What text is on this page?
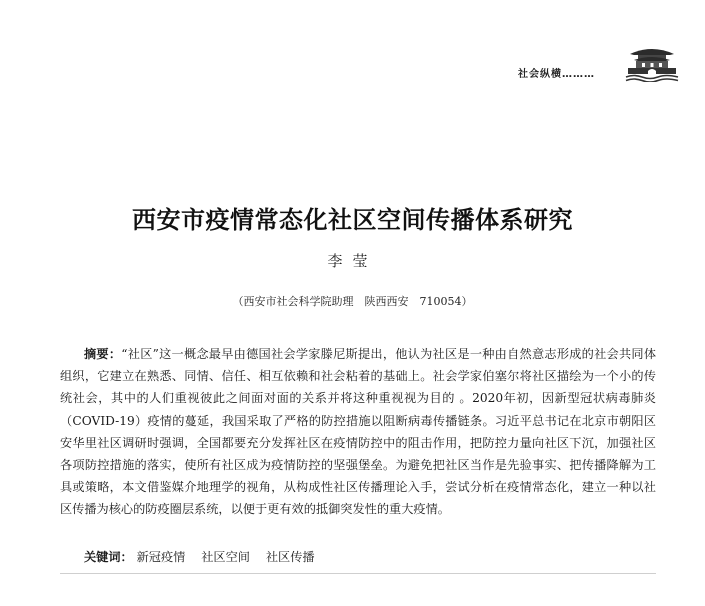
社会纵横………
西安市疫情常态化社区空间传播体系研究
李莹
（西安市社会科学院助理　陕西西安　710054）
摘要：“社区”这一概念最早由德国社会学家滕尼斯提出，他认为社区是一种由自然意志形成的社会共同体组织，它建立在熟悉、同情、信任、相互依赖和社会粘着的基础上。社会学家伯塞尔将社区描绘为一个小的传统社会，其中的人们重视彼此之间面对面的关系并将这种重视视为目的 。2020年初，因新型冠状病毒肺炎（COVID-19）疫情的蔓延，我国采取了严格的防控措施以阻断病毒传播链条。习近平总书记在北京市朝阳区安华里社区调研时强调，全国都要充分发挥社区在疫情防控中的阻击作用，把防控力量向社区下沉，加强社区各项防控措施的落实，使所有社区成为疫情防控的坚强堡垒。为避免把社区当作是先验事实、把传播降解为工具或策略，本文借鉴媒介地理学的视角，从构成性社区传播理论入手，尝试分析在疫情常态化，建立一种以社区传播为核心的防疫圈层系统，以便于更有效的抵御突发性的重大疫情。
关键词： 新冠疫情 社区空间 社区传播
